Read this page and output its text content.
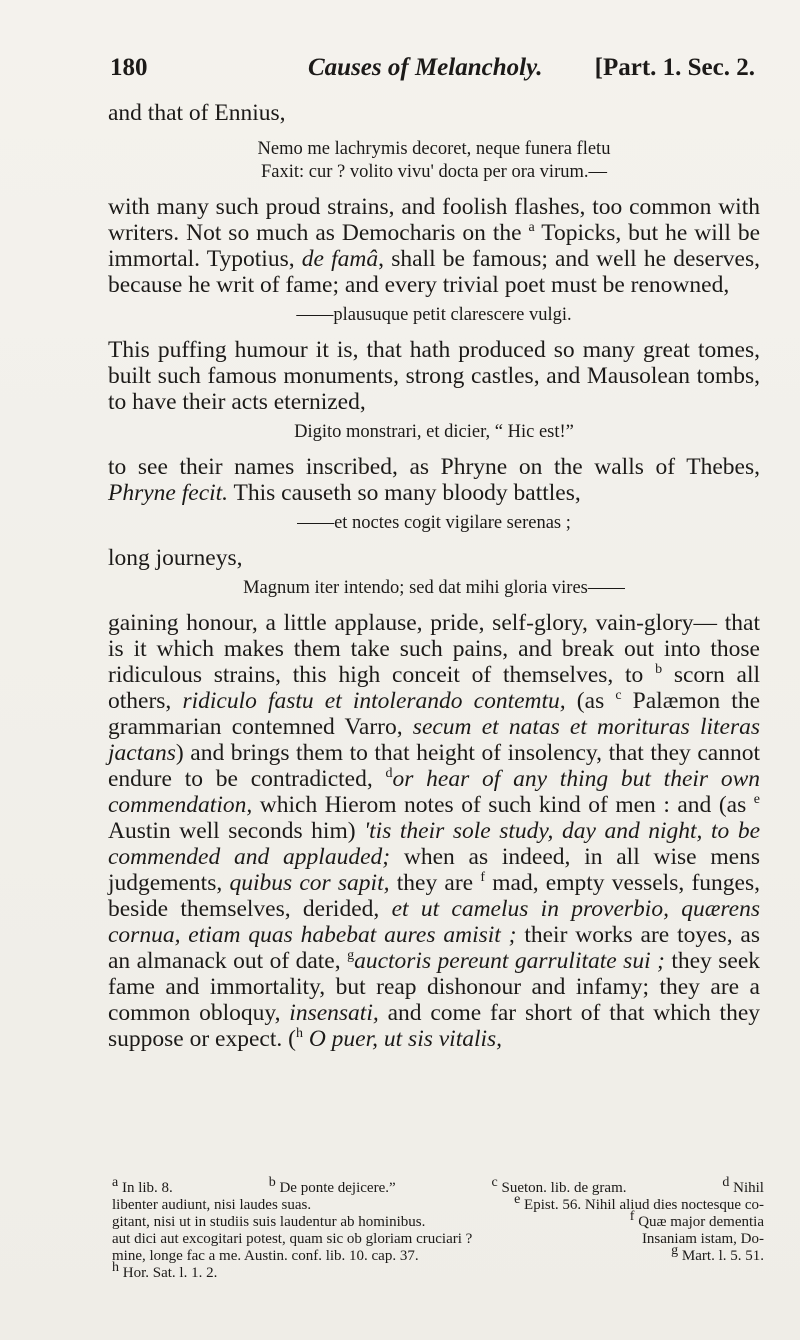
180	Causes of Melancholy. [Part. 1. Sec. 2.

and that of Ennius,

Nemo me lachrymis decoret, neque funera fletu
Faxit: cur ? volito vivu' docta per ora virum.—

with many such proud strains, and foolish flashes, too common with writers. Not so much as Democharis on the $^a$ Topicks, but he will be immortal. Typotius, de famâ, shall be famous; and well he deserves, because he writ of fame; and every trivial poet must be renowned,

——plausuque petit clarescere vulgi.

This puffing humour it is, that hath produced so many great tomes, built such famous monuments, strong castles, and Mausolean tombs, to have their acts eternized,

Digito monstrari, et dicier, “ Hic est!”

to see their names inscribed, as Phryne on the walls of Thebes, Phryne fecit. This causeth so many bloody battles,

——et noctes cogit vigilare serenas ;

long journeys,

Magnum iter intendo; sed dat mihi gloria vires——

gaining honour, a little applause, pride, self-glory, vain-glory— that is it which makes them take such pains, and break out into those ridiculous strains, this high conceit of themselves, to $^b$ scorn all others, ridiculo fastu et intolerando contemtu, (as $^c$ Palæmon the grammarian contemned Varro, secum et natas et morituras literas jactans) and brings them to that height of insolency, that they cannot endure to be contradicted, $^d$or hear of any thing but their own commendation, which Hierom notes of such kind of men : and (as $^e$ Austin well seconds him) 'tis their sole study, day and night, to be commended and applauded; when as indeed, in all wise mens judgements, quibus cor sapit, they are $^f$ mad, empty vessels, funges, beside themselves, derided, et ut camelus in proverbio, quærens cornua, etiam quas habebat aures amisit ; their works are toyes, as an almanack out of date, $^g$auctoris pereunt garrulitate sui ; they seek fame and immortality, but reap dishonour and infamy; they are a common obloquy, insensati, and come far short of that which they suppose or expect. ($^h$ O puer, ut sis vitalis,

a In lib. 8.	b De ponte dejicere.”	c Sueton. lib. de gram.	d Nihil
libenter audiunt, nisi laudes suas.	e Epist. 56. Nihil aliud dies noctesque co-
gitant, nisi ut in studiis suis laudentur ab hominibus.	f Quæ major dementia
aut dici aut excogitari potest, quam sic ob gloriam cruciari ?	Insaniam istam, Do-
mine, longe fac a me. Austin. conf. lib. 10. cap. 37.	g Mart. l. 5. 51.
h Hor. Sat. l. 1. 2.
